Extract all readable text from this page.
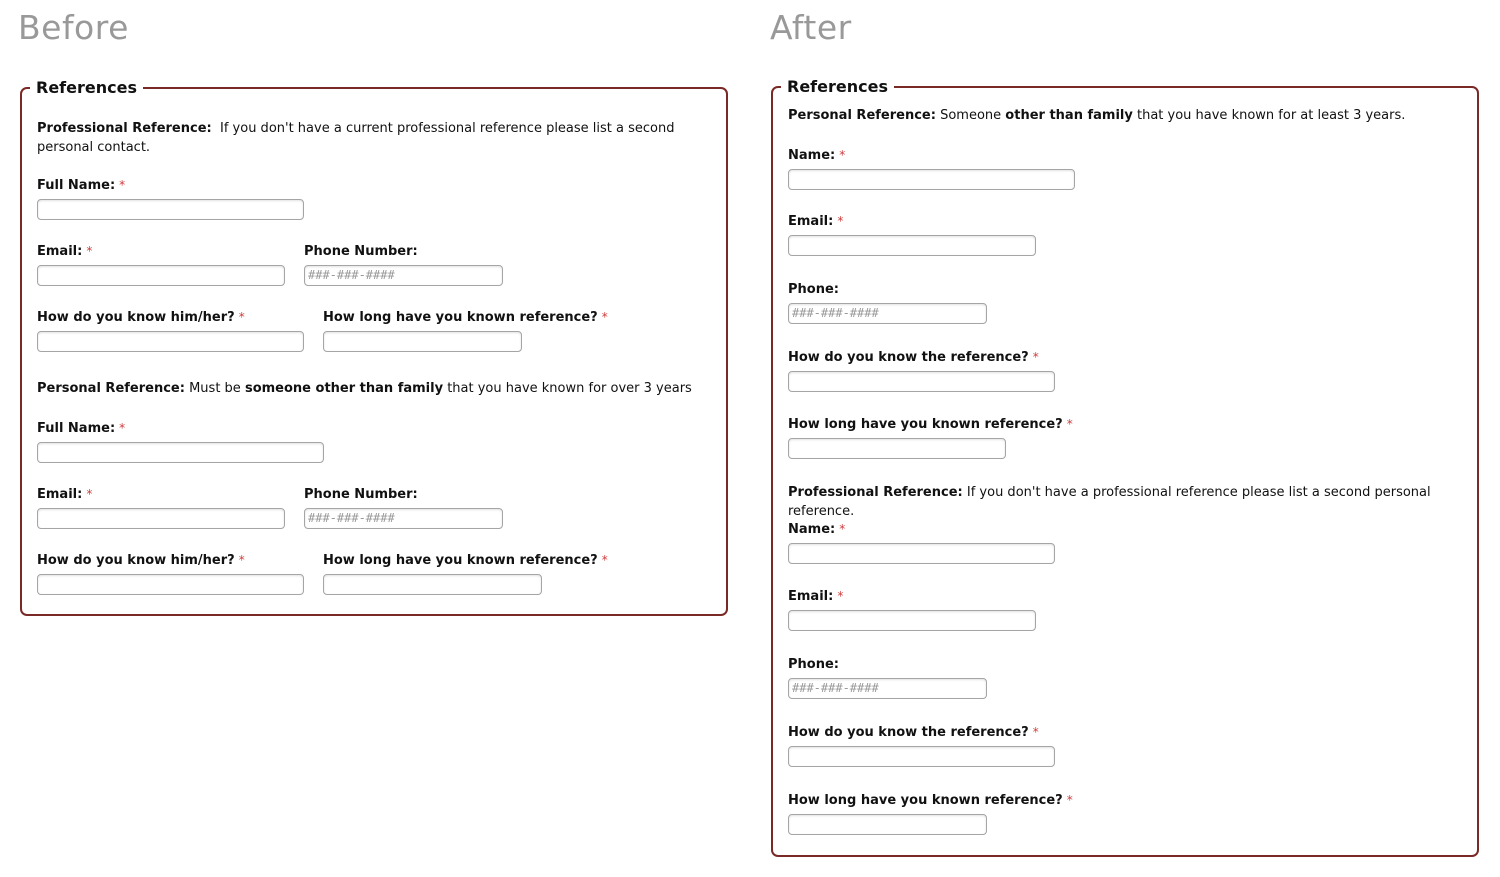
Before
References
Professional Reference: If you don't have a current professional reference please list a second personal contact.
Full Name: *
Email: *	Phone Number:
###-###-####
How do you know him/her? *	How long have you known reference? *
Personal Reference: Must be someone other than family that you have known for over 3 years
Full Name: *
Email: *	Phone Number:
###-###-####
How do you know him/her? *	How long have you known reference? *
After
References
Personal Reference: Someone other than family that you have known for at least 3 years.
Name: *
Email: *
Phone:
###-###-####
How do you know the reference? *
How long have you known reference? *
Professional Reference: If you don't have a professional reference please list a second personal reference.
Name: *
Email: *
Phone:
###-###-####
How do you know the reference? *
How long have you known reference? *
